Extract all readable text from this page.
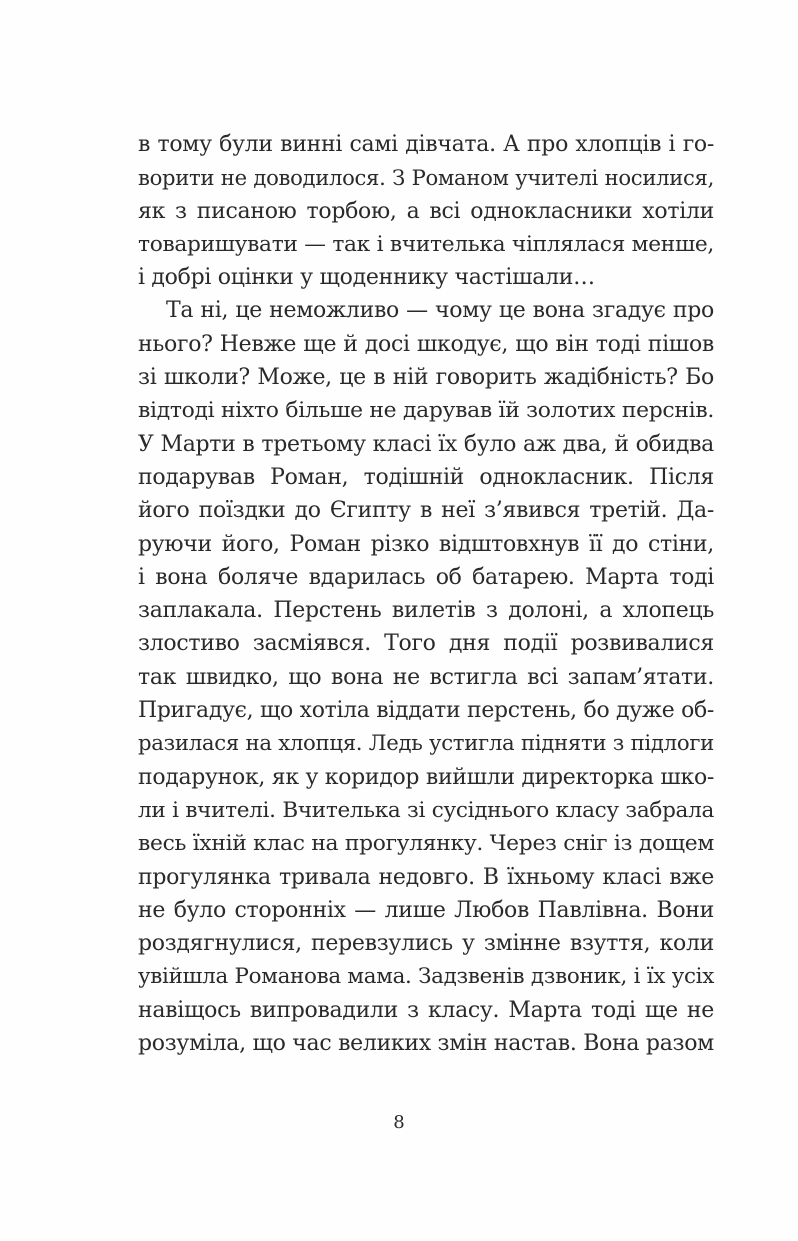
в тому були винні самі дівчата. А про хлопців і го-
ворити не доводилося. З Романом учителі носилися,
як з писаною торбою, а всі однокласники хотіли
товаришувати — так і вчителька чіплялася менше,
і добрі оцінки у щоденнику частішали…
Та ні, це неможливо — чому це вона згадує про
нього? Невже ще й досі шкодує, що він тоді пішов
зі школи? Може, це в ній говорить жадібність? Бо
відтоді ніхто більше не дарував їй золотих перснів.
У Марти в третьому класі їх було аж два, й обидва
подарував Роман, тодішній однокласник. Після
його поїздки до Єгипту в неї з’явився третій. Да-
руючи його, Роман різко відштовхнув її до стіни,
і вона боляче вдарилась об батарею. Марта тоді
заплакала. Перстень вилетів з долоні, а хлопець
злостиво засміявся. Того дня події розвивалися
так швидко, що вона не встигла всі запам’ятати.
Пригадує, що хотіла віддати перстень, бо дуже об-
разилася на хлопця. Ледь устигла підняти з підлоги
подарунок, як у коридор вийшли директорка шко-
ли і вчителі. Вчителька зі сусіднього класу забрала
весь їхній клас на прогулянку. Через сніг із дощем
прогулянка тривала недовго. В їхньому класі вже
не було сторонніх — лише Любов Павлівна. Вони
роздягнулися, перевзулись у змінне взуття, коли
увійшла Романова мама. Задзвенів дзвоник, і їх усіх
навіщось випровадили з класу. Марта тоді ще не
розуміла, що час великих змін настав. Вона разом
8
